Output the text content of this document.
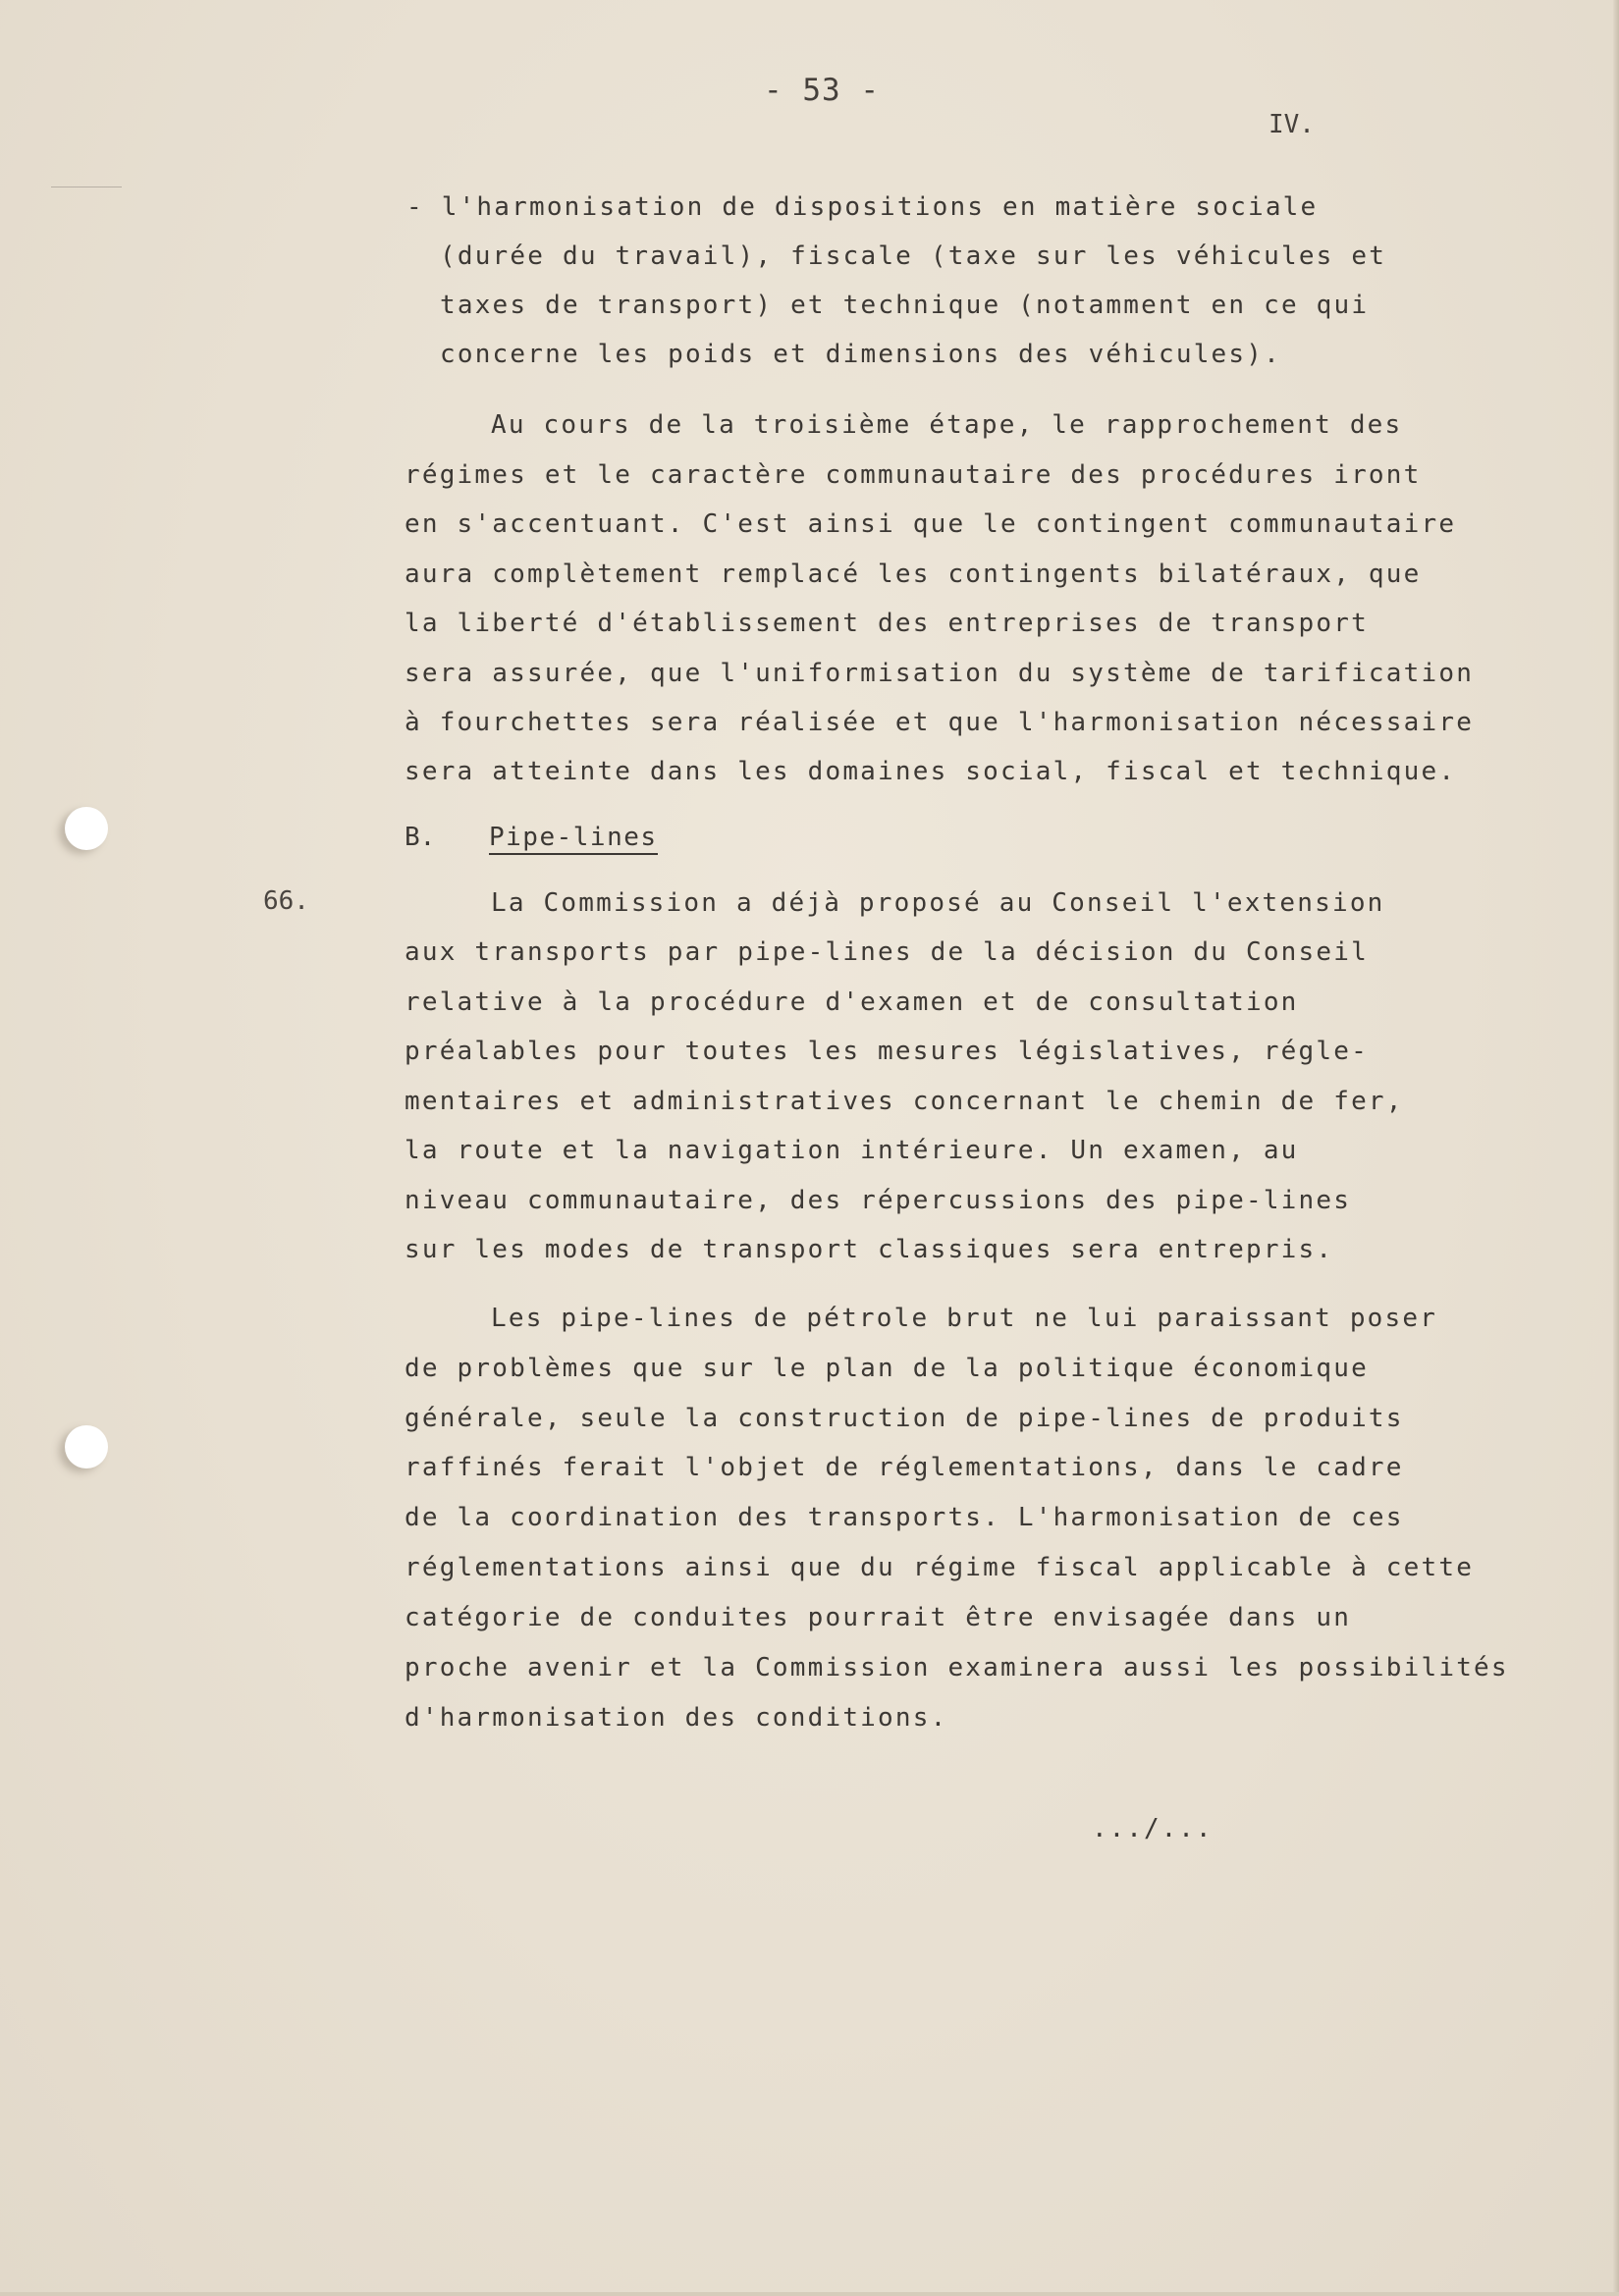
- 53 -
IV.
- l'harmonisation de dispositions en matière sociale
(durée du travail), fiscale (taxe sur les véhicules et
taxes de transport) et technique (notamment en ce qui
concerne les poids et dimensions des véhicules).
Au cours de la troisième étape, le rapprochement des
régimes et le caractère communautaire des procédures iront
en s'accentuant. C'est ainsi que le contingent communautaire
aura complètement remplacé les contingents bilatéraux, que
la liberté d'établissement des entreprises de transport
sera assurée, que l'uniformisation du système de tarification
à fourchettes sera réalisée et que l'harmonisation nécessaire
sera atteinte dans les domaines social, fiscal et technique.
B. Pipe-lines
66.	La Commission a déjà proposé au Conseil l'extension
aux transports par pipe-lines de la décision du Conseil
relative à la procédure d'examen et de consultation
préalables pour toutes les mesures législatives, régle-
mentaires et administratives concernant le chemin de fer,
la route et la navigation intérieure. Un examen, au
niveau communautaire, des répercussions des pipe-lines
sur les modes de transport classiques sera entrepris.
Les pipe-lines de pétrole brut ne lui paraissant poser
de problèmes que sur le plan de la politique économique
générale, seule la construction de pipe-lines de produits
raffinés ferait l'objet de réglementations, dans le cadre
de la coordination des transports. L'harmonisation de ces
réglementations ainsi que du régime fiscal applicable à cette
catégorie de conduites pourrait être envisagée dans un
proche avenir et la Commission examinera aussi les possibilités
d'harmonisation des conditions.
.../...
